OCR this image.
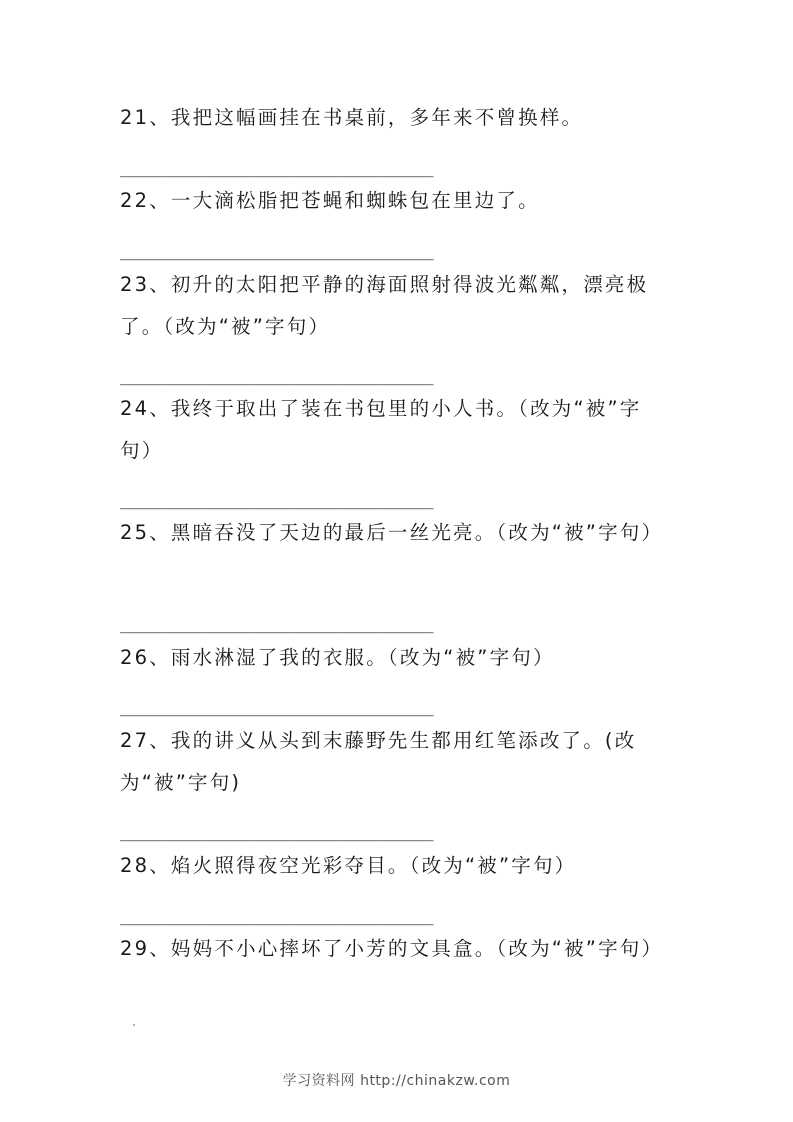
21、我把这幅画挂在书桌前，多年来不曾换样。

________________________________

22、一大滴松脂把苍蝇和蜘蛛包在里边了。

________________________________

23、初升的太阳把平静的海面照射得波光粼粼，漂亮极了。（改为“被”字句）

________________________________

24、我终于取出了装在书包里的小人书。（改为“被”字句）

________________________________

25、黑暗吞没了天边的最后一丝光亮。（改为“被”字句）

________________________________

26、雨水淋湿了我的衣服。（改为“被”字句）

________________________________

27、我的讲义从头到末藤野先生都用红笔添改了。(改为“被”字句)

________________________________

28、焰火照得夜空光彩夺目。（改为“被”字句）

________________________________

29、妈妈不小心摔坏了小芳的文具盒。（改为“被”字句）

学习资料网 http://chinakzw.com
